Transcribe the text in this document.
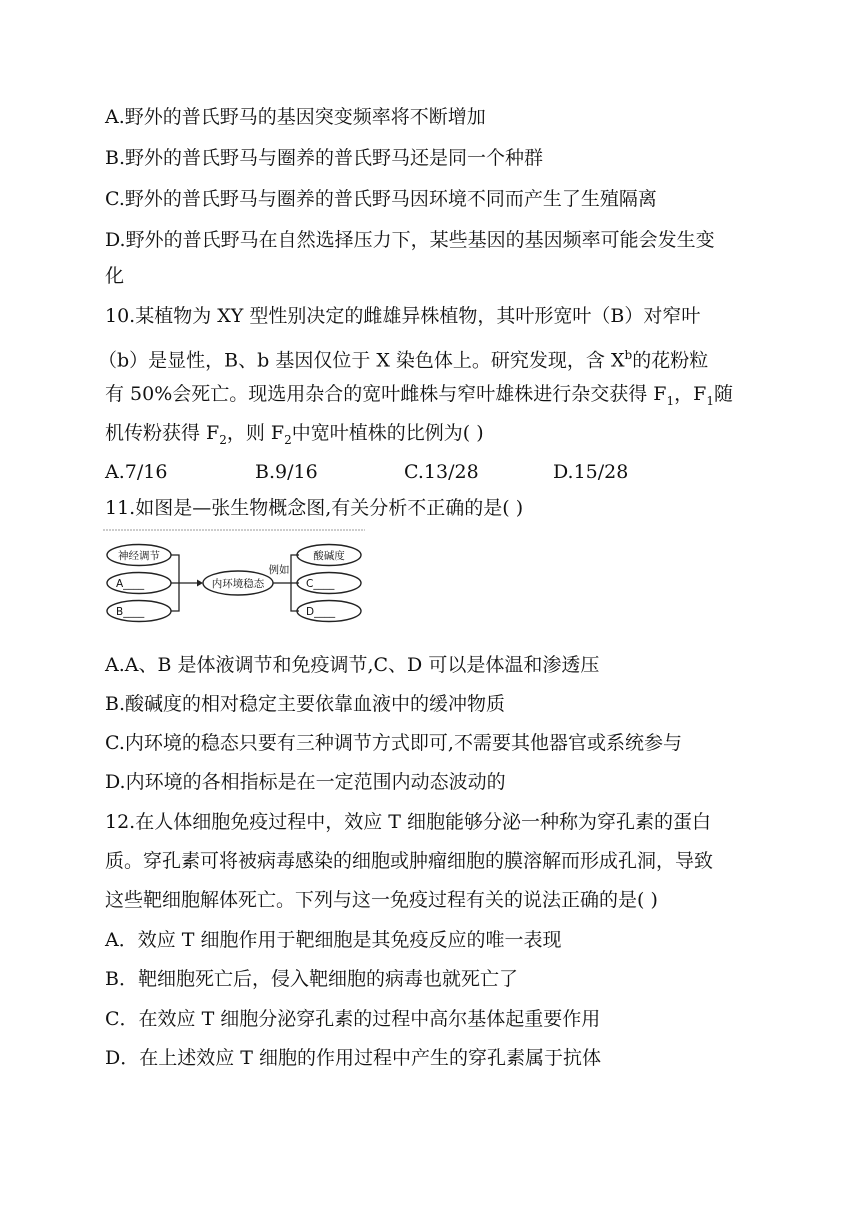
A.野外的普氏野马的基因突变频率将不断增加
B.野外的普氏野马与圈养的普氏野马还是同一个种群
C.野外的普氏野马与圈养的普氏野马因环境不同而产生了生殖隔离
D.野外的普氏野马在自然选择压力下，某些基因的基因频率可能会发生变
化
10.某植物为 XY 型性别决定的雌雄异株植物，其叶形宽叶（B）对窄叶
（b）是显性，B、b 基因仅位于 X 染色体上。研究发现，含 $X^b$的花粉粒
有 50%会死亡。现选用杂合的宽叶雌株与窄叶雄株进行杂交获得 $F_1$，$F_1$随
机传粉获得 $F_2$，则 $F_2$中宽叶植株的比例为( )
A.7/16	B.9/16	C.13/28	D.15/28
11.如图是—张生物概念图,有关分析不正确的是( )
神经调节
A____
B____
内环境稳态
例如
酸碱度
C____
D____
A.A、B 是体液调节和免疫调节,C、D 可以是体温和渗透压
B.酸碱度的相对稳定主要依靠血液中的缓冲物质
C.内环境的稳态只要有三种调节方式即可,不需要其他器官或系统参与
D.内环境的各相指标是在一定范围内动态波动的
12.在人体细胞免疫过程中，效应 T 细胞能够分泌一种称为穿孔素的蛋白
质。穿孔素可将被病毒感染的细胞或肿瘤细胞的膜溶解而形成孔洞，导致
这些靶细胞解体死亡。下列与这一免疫过程有关的说法正确的是( )
A．效应 T 细胞作用于靶细胞是其免疫反应的唯一表现
B．靶细胞死亡后，侵入靶细胞的病毒也就死亡了
C．在效应 T 细胞分泌穿孔素的过程中高尔基体起重要作用
D．在上述效应 T 细胞的作用过程中产生的穿孔素属于抗体
